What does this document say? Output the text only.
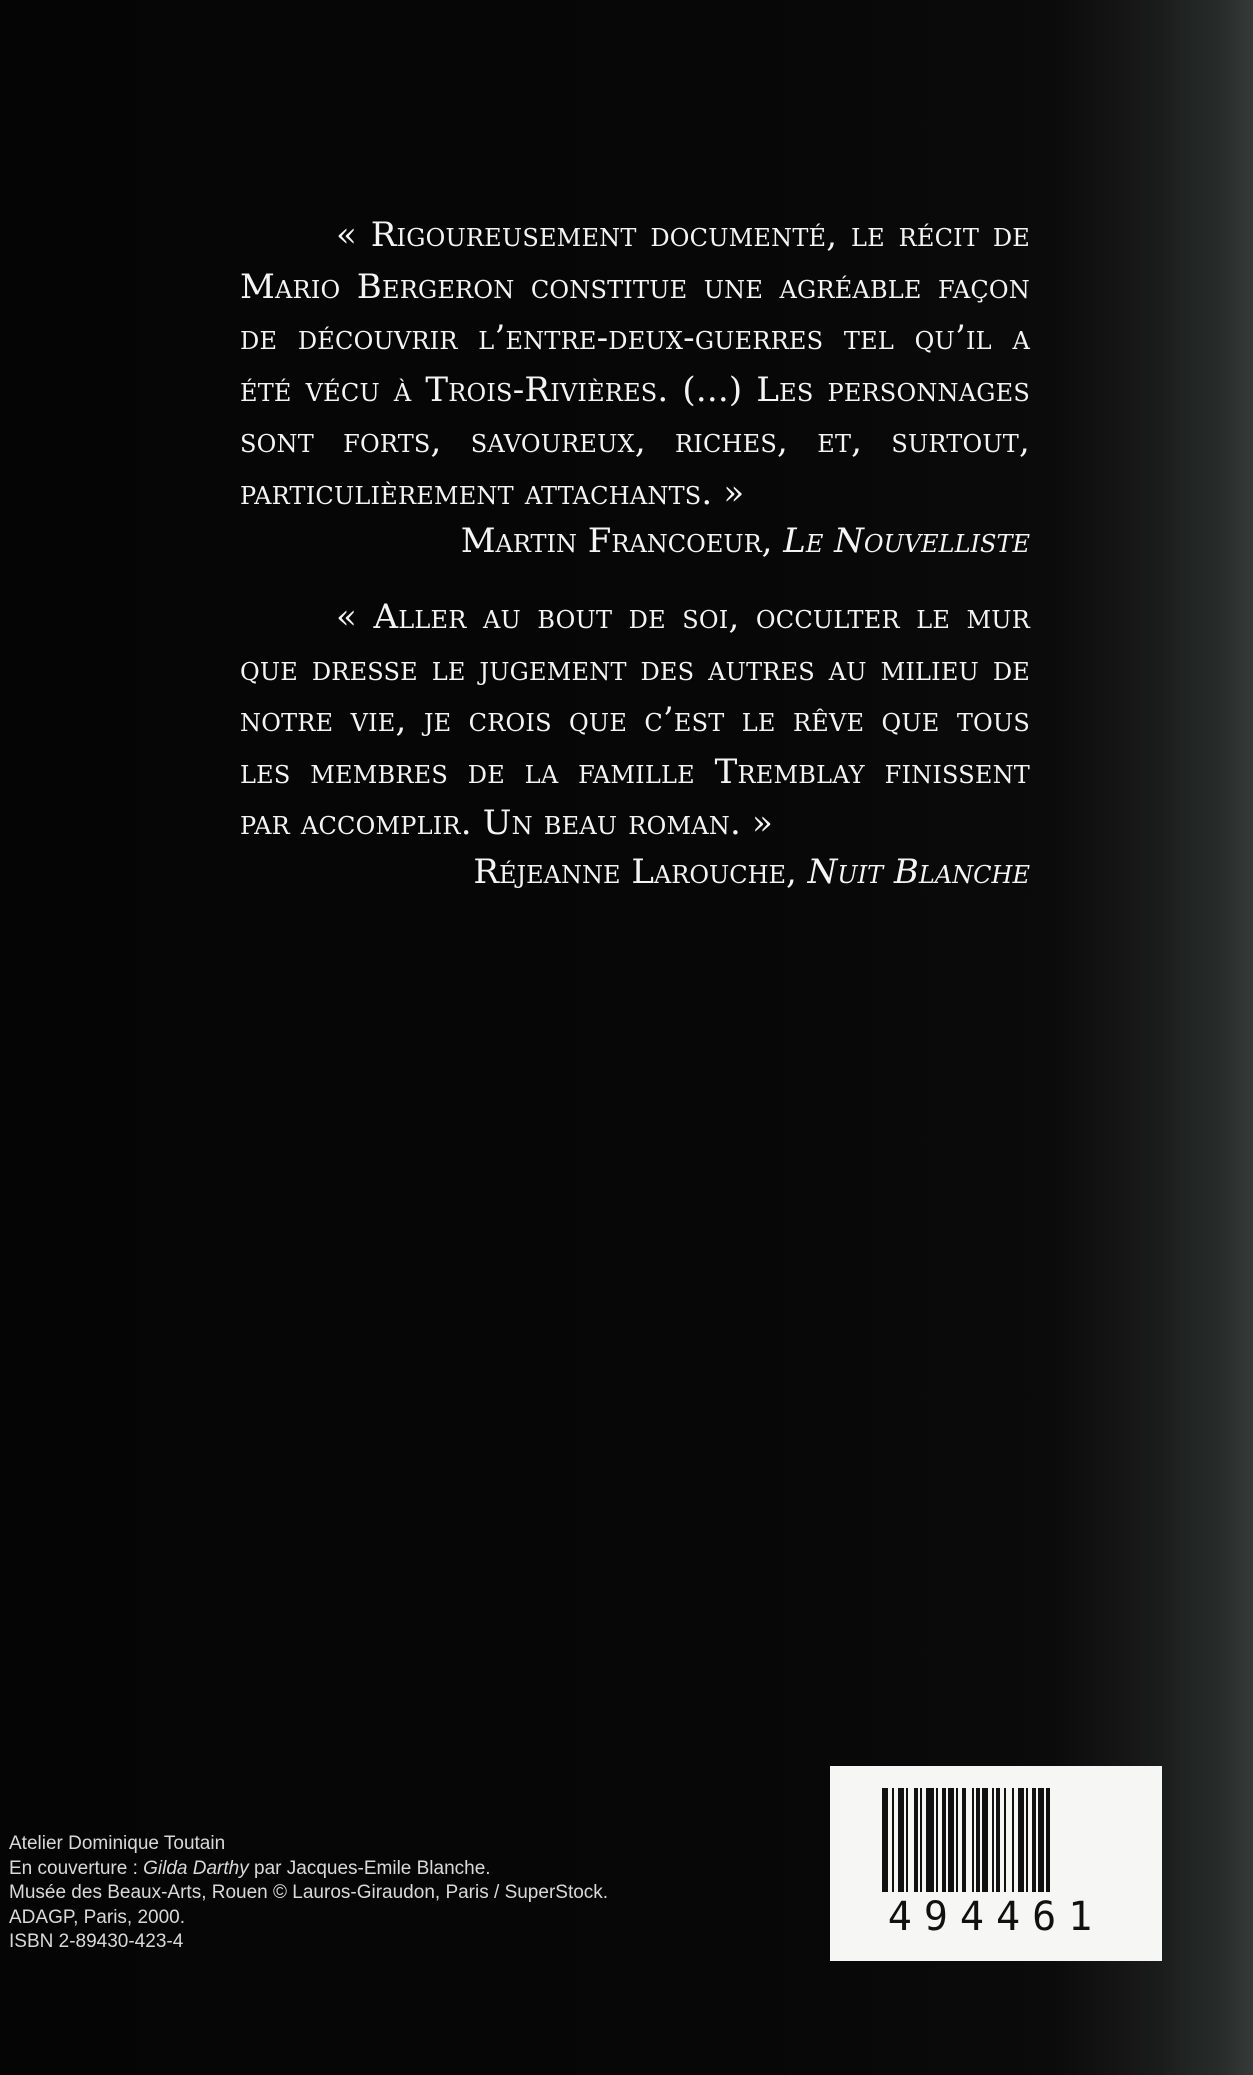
« Rigoureusement documenté, le récit de Mario Bergeron constitue une agréable façon de découvrir l’entre-deux-guerres tel qu’il a été vécu à Trois-Rivières. (...) Les personnages sont forts, savoureux, riches, et, surtout, particulièrement attachants. »

Martin Francoeur, Le Nouvelliste

« Aller au bout de soi, occulter le mur que dresse le jugement des autres au milieu de notre vie, je crois que c’est le rêve que tous les membres de la famille Tremblay finissent par accomplir. Un beau roman. »

Réjeanne Larouche, Nuit Blanche
Atelier Dominique Toutain
En couverture : Gilda Darthy par Jacques-Emile Blanche.
Musée des Beaux-Arts, Rouen © Lauros-Giraudon, Paris / SuperStock.
ADAGP, Paris, 2000.
ISBN 2-89430-423-4
494461
